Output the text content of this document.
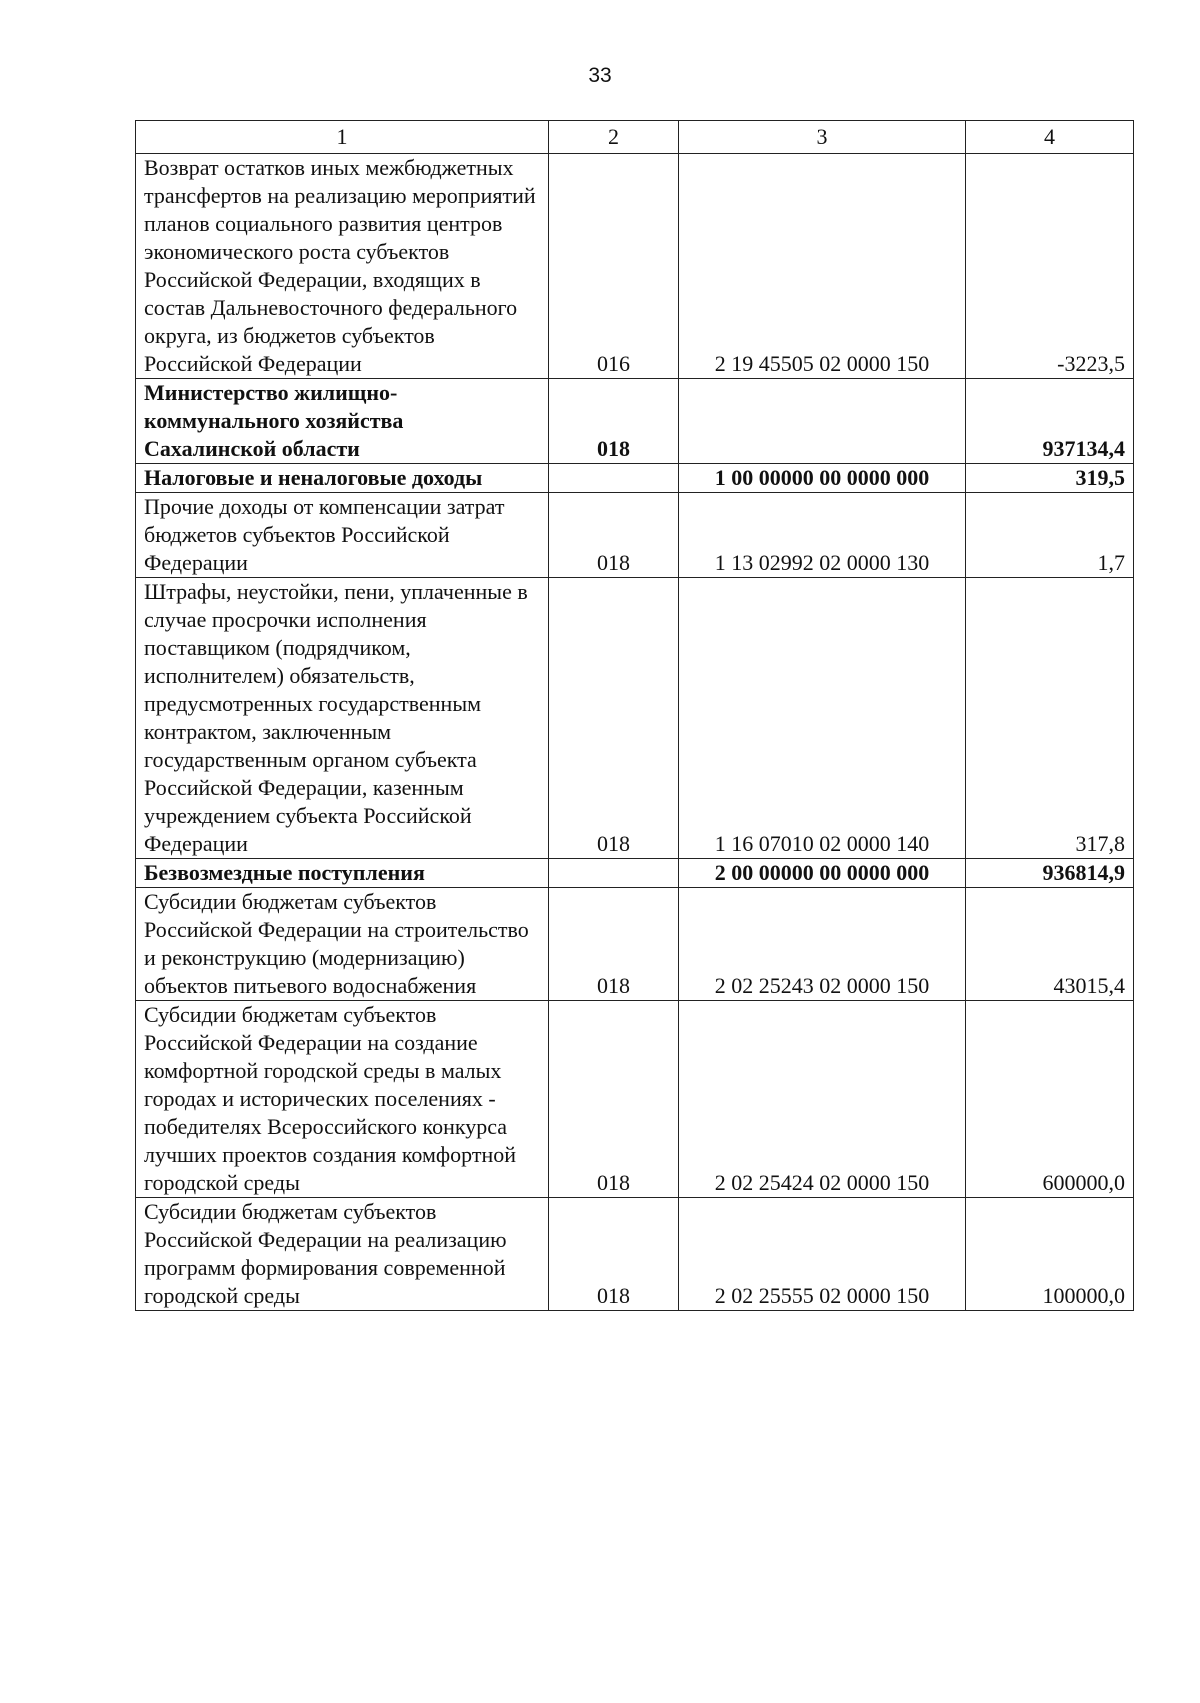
33
1	2	3	4
Возврат остатков иных межбюджетных трансфертов на реализацию мероприятий планов социального развития центров экономического роста субъектов Российской Федерации, входящих в состав Дальневосточного федерального округа, из бюджетов субъектов Российской Федерации	016	2 19 45505 02 0000 150	-3223,5
Министерство жилищно-коммунального хозяйства Сахалинской области	018		937134,4
Налоговые и неналоговые доходы		1 00 00000 00 0000 000	319,5
Прочие доходы от компенсации затрат бюджетов субъектов Российской Федерации	018	1 13 02992 02 0000 130	1,7
Штрафы, неустойки, пени, уплаченные в случае просрочки исполнения поставщиком (подрядчиком, исполнителем) обязательств, предусмотренных государственным контрактом, заключенным государственным органом субъекта Российской Федерации, казенным учреждением субъекта Российской Федерации	018	1 16 07010 02 0000 140	317,8
Безвозмездные поступления		2 00 00000 00 0000 000	936814,9
Субсидии бюджетам субъектов Российской Федерации на строительство и реконструкцию (модернизацию) объектов питьевого водоснабжения	018	2 02 25243 02 0000 150	43015,4
Субсидии бюджетам субъектов Российской Федерации на создание комфортной городской среды в малых городах и исторических поселениях - победителях Всероссийского конкурса лучших проектов создания комфортной городской среды	018	2 02 25424 02 0000 150	600000,0
Субсидии бюджетам субъектов Российской Федерации на реализацию программ формирования современной городской среды	018	2 02 25555 02 0000 150	100000,0
